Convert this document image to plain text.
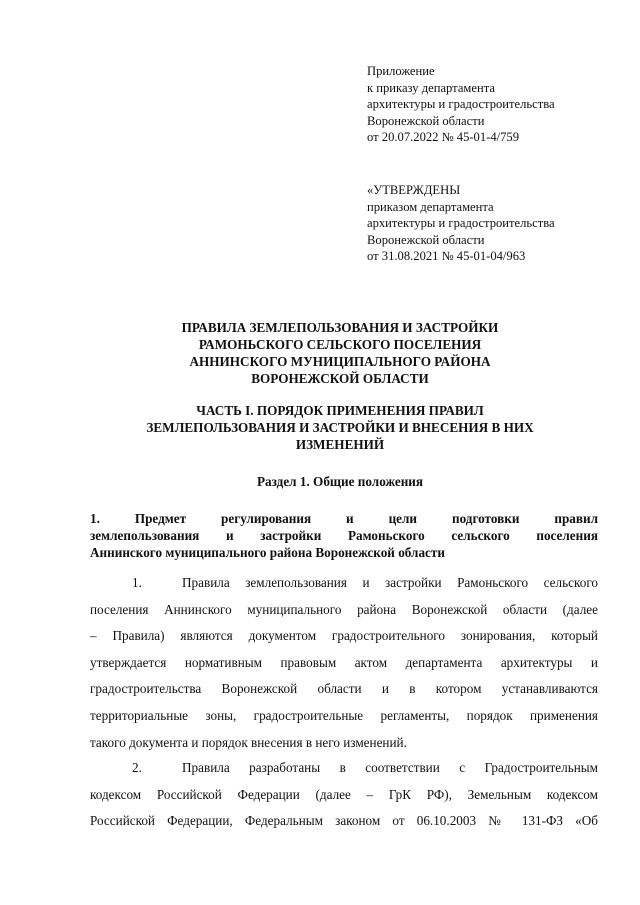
Приложение
к приказу департамента
архитектуры и градостроительства
Воронежской области
от 20.07.2022 № 45-01-4/759
«УТВЕРЖДЕНЫ
приказом департамента
архитектуры и градостроительства
Воронежской области
от 31.08.2021 № 45-01-04/963
ПРАВИЛА ЗЕМЛЕПОЛЬЗОВАНИЯ И ЗАСТРОЙКИ
РАМОНЬСКОГО СЕЛЬСКОГО ПОСЕЛЕНИЯ
АННИНСКОГО МУНИЦИПАЛЬНОГО РАЙОНА
ВОРОНЕЖСКОЙ ОБЛАСТИ
ЧАСТЬ I. ПОРЯДОК ПРИМЕНЕНИЯ ПРАВИЛ
ЗЕМЛЕПОЛЬЗОВАНИЯ И ЗАСТРОЙКИ И ВНЕСЕНИЯ В НИХ
ИЗМЕНЕНИЙ
Раздел 1. Общие положения
1. Предмет регулирования и цели подготовки правил
землепользования и застройки Рамоньского сельского поселения
Аннинского муниципального района Воронежской области
1.	Правила землепользования и застройки Рамоньского сельского
поселения Аннинского муниципального района Воронежской области (далее
– Правила) являются документом градостроительного зонирования, который
утверждается нормативным правовым актом департамента архитектуры и
градостроительства Воронежской области и в котором устанавливаются
территориальные зоны, градостроительные регламенты, порядок применения
такого документа и порядок внесения в него изменений.
2.	Правила разработаны в соответствии с Градостроительным
кодексом Российской Федерации (далее – ГрК РФ), Земельным кодексом
Российской Федерации, Федеральным законом от 06.10.2003 № 131-ФЗ «Об
